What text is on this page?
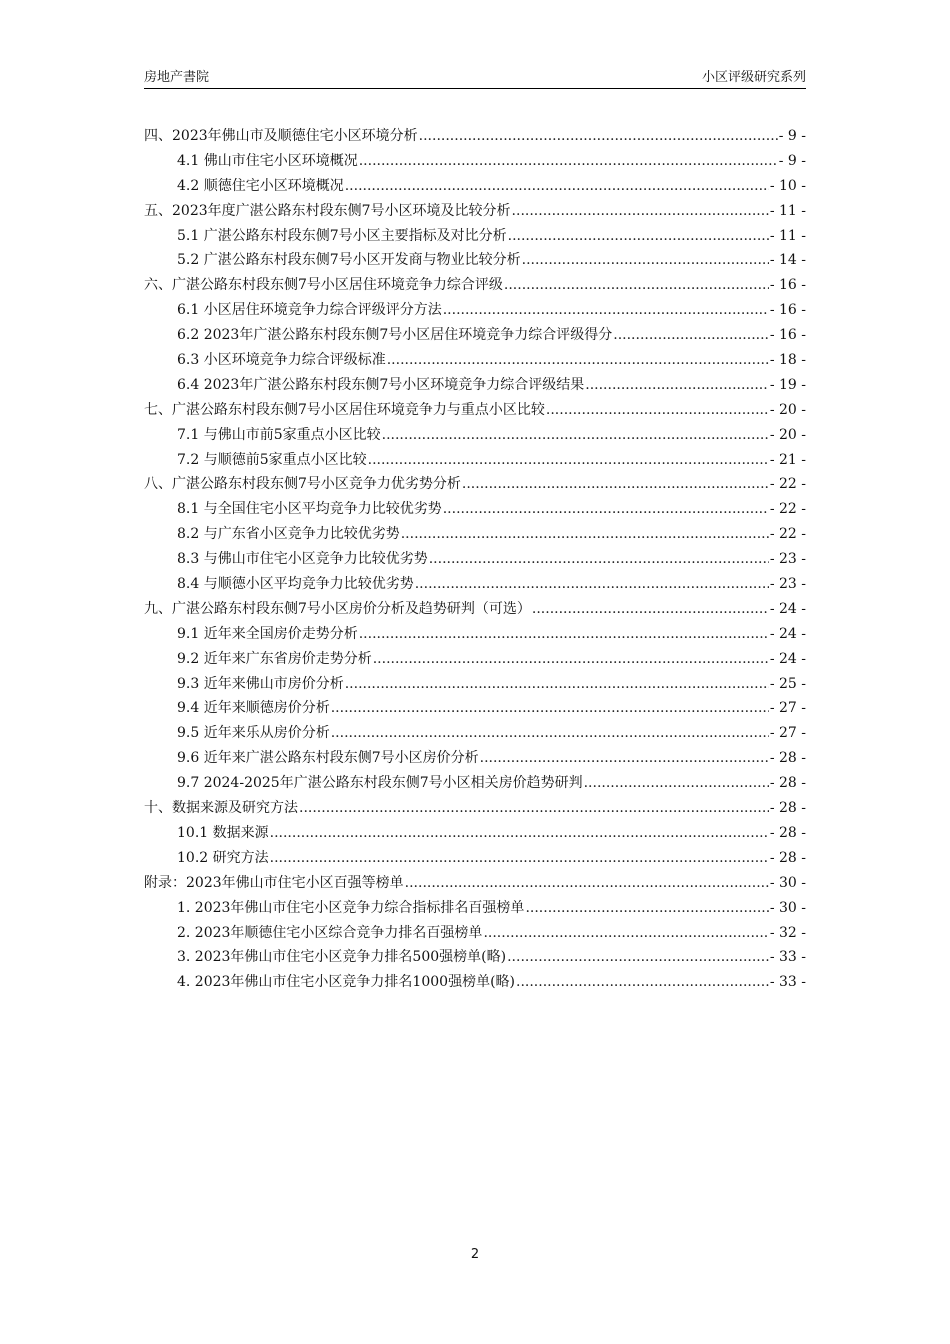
房地产書院	小区评级研究系列
四、2023年佛山市及顺德住宅小区环境分析 .....	- 9 -
4.1 佛山市住宅小区环境概况 .....	- 9 -
4.2 顺德住宅小区环境概况 .....	- 10 -
五、2023年度广湛公路东村段东侧7号小区环境及比较分析 .....	- 11 -
5.1 广湛公路东村段东侧7号小区主要指标及对比分析 .....	- 11 -
5.2 广湛公路东村段东侧7号小区开发商与物业比较分析 .....	- 14 -
六、广湛公路东村段东侧7号小区居住环境竞争力综合评级 .....	- 16 -
6.1 小区居住环境竞争力综合评级评分方法 .....	- 16 -
6.2 2023年广湛公路东村段东侧7号小区居住环境竞争力综合评级得分 .....	- 16 -
6.3 小区环境竞争力综合评级标准 .....	- 18 -
6.4 2023年广湛公路东村段东侧7号小区环境竞争力综合评级结果 .....	- 19 -
七、广湛公路东村段东侧7号小区居住环境竞争力与重点小区比较 .....	- 20 -
7.1 与佛山市前5家重点小区比较 .....	- 20 -
7.2 与顺德前5家重点小区比较 .....	- 21 -
八、广湛公路东村段东侧7号小区竞争力优劣势分析 .....	- 22 -
8.1 与全国住宅小区平均竞争力比较优劣势 .....	- 22 -
8.2 与广东省小区竞争力比较优劣势 .....	- 22 -
8.3 与佛山市住宅小区竞争力比较优劣势 .....	- 23 -
8.4 与顺德小区平均竞争力比较优劣势 .....	- 23 -
九、广湛公路东村段东侧7号小区房价分析及趋势研判（可选） .....	- 24 -
9.1 近年来全国房价走势分析 .....	- 24 -
9.2 近年来广东省房价走势分析 .....	- 24 -
9.3 近年来佛山市房价分析 .....	- 25 -
9.4 近年来顺德房价分析 .....	- 27 -
9.5 近年来乐从房价分析 .....	- 27 -
9.6 近年来广湛公路东村段东侧7号小区房价分析 .....	- 28 -
9.7 2024-2025年广湛公路东村段东侧7号小区相关房价趋势研判 .....	- 28 -
十、数据来源及研究方法 .....	- 28 -
10.1 数据来源 .....	- 28 -
10.2 研究方法 .....	- 28 -
附录：2023年佛山市住宅小区百强等榜单 .....	- 30 -
1. 2023年佛山市住宅小区竞争力综合指标排名百强榜单 .....	- 30 -
2. 2023年顺德住宅小区综合竞争力排名百强榜单 .....	- 32 -
3. 2023年佛山市住宅小区竞争力排名500强榜单(略) .....	- 33 -
4. 2023年佛山市住宅小区竞争力排名1000强榜单(略) .....	- 33 -
2
